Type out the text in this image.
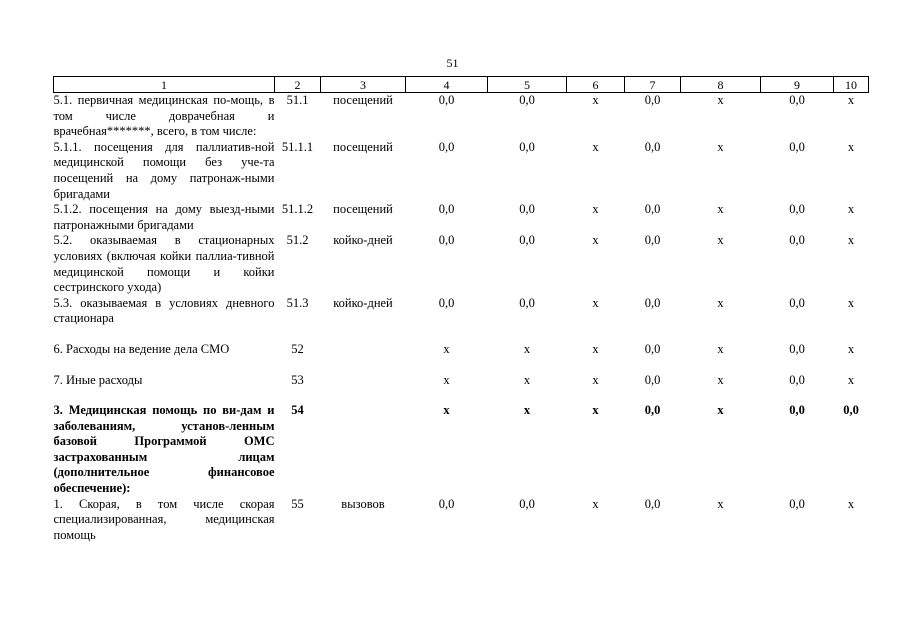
51
1	2	3	4	5	6	7	8	9	10
5.1. первичная медицинская по-мощь, в том числе доврачебная и врачебная*******, всего, в том числе:	51.1	посещений	0,0	0,0	х	0,0	х	0,0	х
5.1.1. посещения для паллиатив-ной медицинской помощи без уче-та посещений на дому патронаж-ными бригадами	51.1.1	посещений	0,0	0,0	х	0,0	х	0,0	х
5.1.2. посещения на дому выезд-ными патронажными бригадами	51.1.2	посещений	0,0	0,0	х	0,0	х	0,0	х
5.2. оказываемая в стационарных условиях (включая койки паллиа-тивной медицинской помощи и койки сестринского ухода)	51.2	койко-дней	0,0	0,0	х	0,0	х	0,0	х
5.3. оказываемая в условиях дневного стационара	51.3	койко-дней	0,0	0,0	х	0,0	х	0,0	х

6. Расходы на ведение дела СМО	52		х	х	х	0,0	х	0,0	х

7. Иные расходы	53		х	х	х	0,0	х	0,0	х

3. Медицинская помощь по ви-дам и заболеваниям, установ-ленным базовой Программой ОМС застрахованным лицам (дополнительное финансовое обеспечение):	54		х	х	х	0,0	х	0,0	0,0
1. Скорая, в том числе скорая специализированная, медицинская помощь	55	вызовов	0,0	0,0	х	0,0	х	0,0	х
